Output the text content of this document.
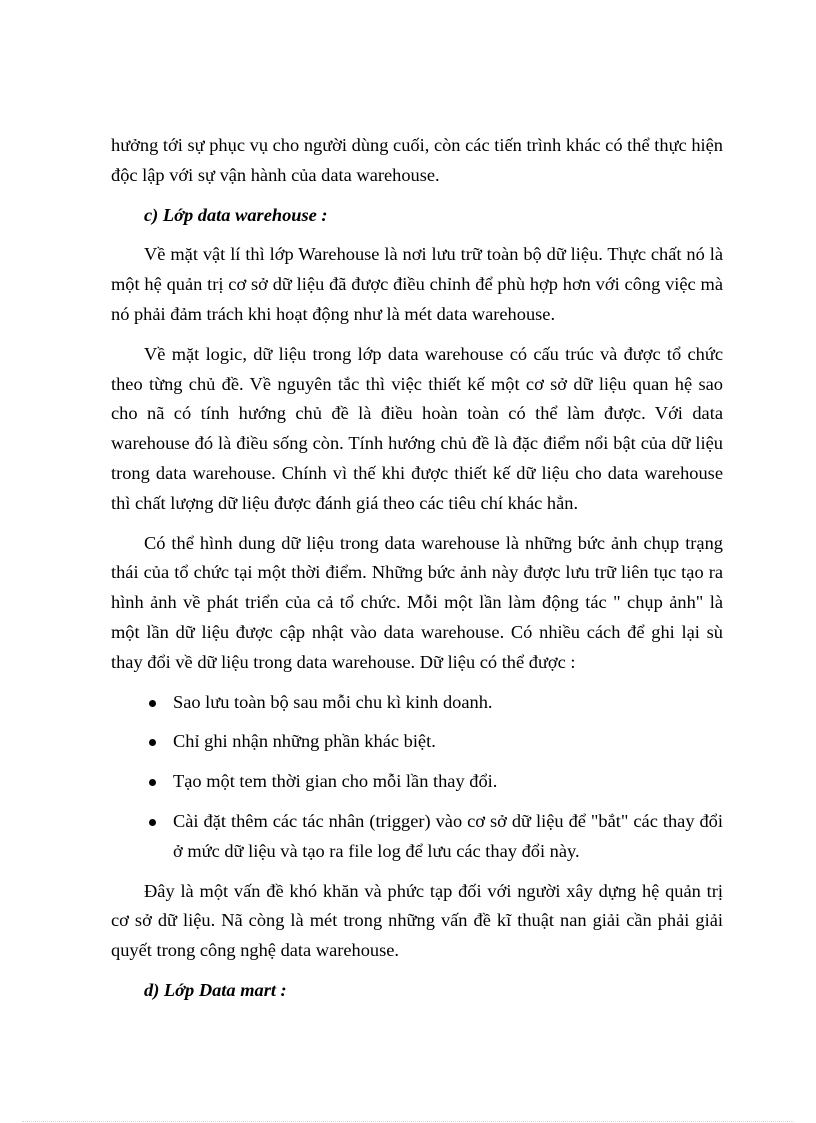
hưởng tới sự phục vụ cho người dùng cuối, còn các tiến trình khác có thể thực hiện độc lập với sự vận hành của data warehouse.

c) Lớp data warehouse :

Về mặt vật lí thì lớp Warehouse là nơi lưu trữ toàn bộ dữ liệu. Thực chất nó là một hệ quản trị cơ sở dữ liệu đã được điều chỉnh để phù hợp hơn với công việc mà nó phải đảm trách khi hoạt động như là mét data warehouse.

Về mặt logic, dữ liệu trong lớp data warehouse có cấu trúc và được tổ chức theo từng chủ đề. Về nguyên tắc thì việc thiết kế một cơ sở dữ liệu quan hệ sao cho nã có tính hướng chủ đề là điều hoàn toàn có thể làm được. Với data warehouse đó là điều sống còn. Tính hướng chủ đề là đặc điểm nổi bật của dữ liệu trong data warehouse. Chính vì thế khi được thiết kế dữ liệu cho data warehouse thì chất lượng dữ liệu được đánh giá theo các tiêu chí khác hẳn.

Có thể hình dung dữ liệu trong data warehouse là những bức ảnh chụp trạng thái của tổ chức tại một thời điểm. Những bức ảnh này được lưu trữ liên tục tạo ra hình ảnh về phát triển của cả tổ chức. Mỗi một lần làm động tác " chụp ảnh" là một lần dữ liệu được cập nhật vào data warehouse. Có nhiều cách để ghi lại sù thay đổi về dữ liệu trong data warehouse. Dữ liệu có thể được :

Sao lưu toàn bộ sau mỗi chu kì kinh doanh.
Chỉ ghi nhận những phần khác biệt.
Tạo một tem thời gian cho mỗi lần thay đổi.
Cài đặt thêm các tác nhân (trigger) vào cơ sở dữ liệu để "bắt" các thay đổi ở mức dữ liệu và tạo ra file log để lưu các thay đổi này.

Đây là một vấn đề khó khăn và phức tạp đối với người xây dựng hệ quản trị cơ sở dữ liệu. Nã còng là mét trong những vấn đề kĩ thuật nan giải cần phải giải quyết trong công nghệ data warehouse.

d) Lớp Data mart :
